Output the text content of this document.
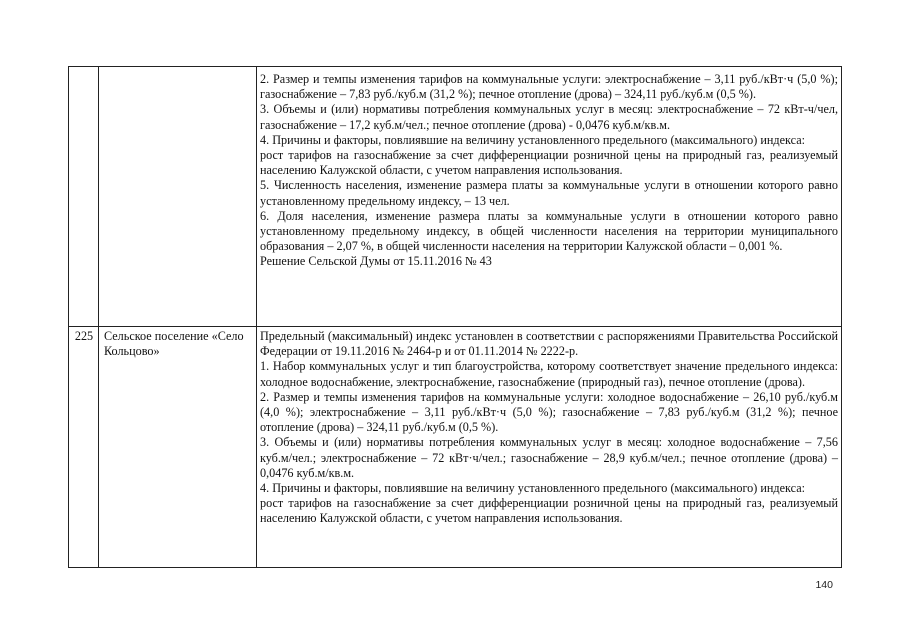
2. Размер и темпы изменения тарифов на коммунальные услуги: электроснабжение – 3,11 руб./кВт·ч (5,0 %); газоснабжение – 7,83 руб./куб.м (31,2 %); печное отопление (дрова) – 324,11 руб./куб.м (0,5 %).

3. Объемы и (или) нормативы потребления коммунальных услуг в месяц: электроснабжение – 72 кВт-ч/чел, газоснабжение – 17,2 куб.м/чел.; печное отопление (дрова) - 0,0476 куб.м/кв.м.

4. Причины и факторы, повлиявшие на величину установленного предельного (максимального) индекса:

рост тарифов на газоснабжение за счет дифференциации розничной цены на природный газ, реализуемый населению Калужской области, с учетом направления использования.

5. Численность населения, изменение размера платы за коммунальные услуги в отношении которого равно установленному предельному индексу, – 13 чел.

6. Доля населения, изменение размера платы за коммунальные услуги в отношении которого равно установленному предельному индексу, в общей численности населения на территории муниципального образования – 2,07 %, в общей численности населения на территории Калужской области – 0,001 %.

Решение Сельской Думы от 15.11.2016 № 43

225 Сельское поселение «Село Кольцово»

Предельный (максимальный) индекс установлен в соответствии с распоряжениями Правительства Российской Федерации от 19.11.2016 № 2464-р и от 01.11.2014 № 2222-р.

1. Набор коммунальных услуг и тип благоустройства, которому соответствует значение предельного индекса: холодное водоснабжение, электроснабжение, газоснабжение (природный газ), печное отопление (дрова).

2. Размер и темпы изменения тарифов на коммунальные услуги: холодное водоснабжение – 26,10 руб./куб.м (4,0 %); электроснабжение – 3,11 руб./кВт·ч (5,0 %); газоснабжение – 7,83 руб./куб.м (31,2 %); печное отопление (дрова) – 324,11 руб./куб.м (0,5 %).

3. Объемы и (или) нормативы потребления коммунальных услуг в месяц: холодное водоснабжение – 7,56 куб.м/чел.; электроснабжение – 72 кВт·ч/чел.; газоснабжение – 28,9 куб.м/чел.; печное отопление (дрова) – 0,0476 куб.м/кв.м.

4. Причины и факторы, повлиявшие на величину установленного предельного (максимального) индекса:

рост тарифов на газоснабжение за счет дифференциации розничной цены на природный газ, реализуемый населению Калужской области, с учетом направления использования.

140
